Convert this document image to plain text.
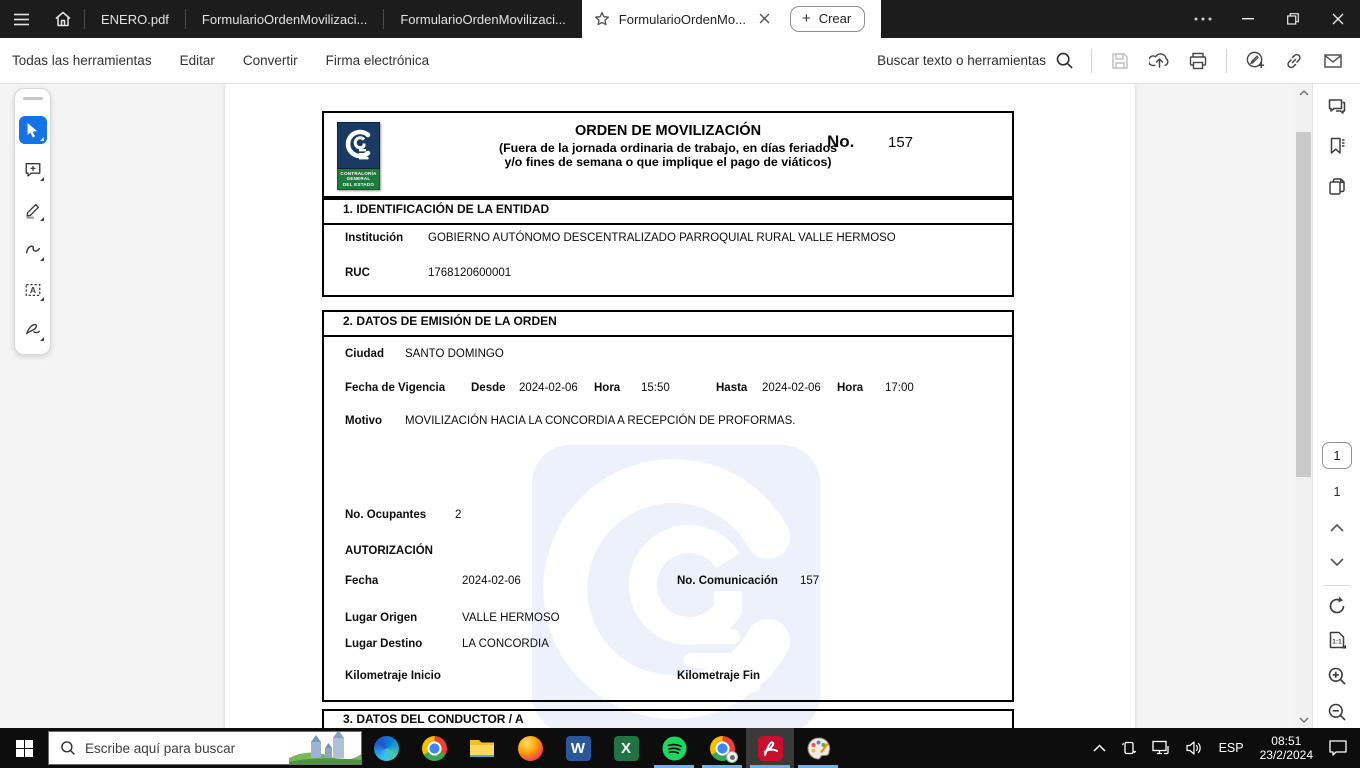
ENERO.pdf	FormularioOrdenMovilizaci...	FormularioOrdenMovilizaci...	FormularioOrdenMo...	+ Crear
Todas las herramientas	Editar	Convertir	Firma electrónica	Buscar texto o herramientas
CONTRALORÍA
GENERAL
DEL ESTADO
ORDEN DE MOVILIZACIÓN
(Fuera de la jornada ordinaria de trabajo, en días feriados
y/o fines de semana o que implique el pago de viáticos)
No. 157
1. IDENTIFICACIÓN DE LA ENTIDAD
Institución GOBIERNO AUTÓNOMO DESCENTRALIZADO PARROQUIAL RURAL VALLE HERMOSO
RUC	1768120600001
2. DATOS DE EMISIÓN DE LA ORDEN
Ciudad SANTO DOMINGO
Fecha de Vigencia Desde 2024-02-06 Hora 15:50	Hasta 2024-02-06 Hora 17:00
Motivo MOVILIZACIÓN HACIA LA CONCORDIA A RECEPCIÓN DE PROFORMAS.
No. Ocupantes	2
AUTORIZACIÓN
Fecha	2024-02-06	No. Comunicación 157
Lugar Origen	VALLE HERMOSO
Lugar Destino	LA CONCORDIA
Kilometraje Inicio	Kilometraje Fin
3. DATOS DEL CONDUCTOR / A
A
1
1
1:1
Escribe aquí para buscar
W X	ESP
08:51
23/2/2024
